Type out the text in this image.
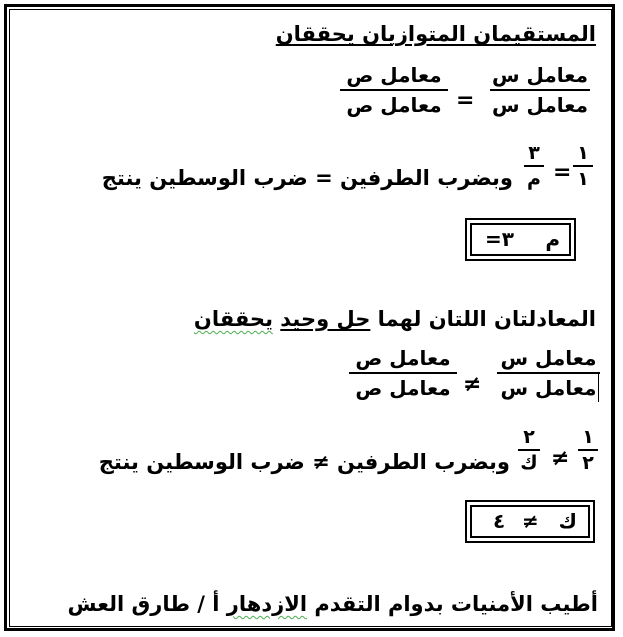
المستقيمان المتوازيان يحققان
معامل س
معامل س
=
معامل ص
معامل ص
١
١
=
٣
م
وبضرب الطرفين = ضرب الوسطين ينتج
م
٣=
المعادلتان اللتان لهما حل وحيد يحققان
معامل س
معامل س
≠
معامل ص
معامل ص
١
٢
≠
٢
ك
وبضرب الطرفين ≠ ضرب الوسطين ينتج
ك
≠
٤
أطيب الأمنيات بدوام التقدم الازدهار أ / طارق العش
